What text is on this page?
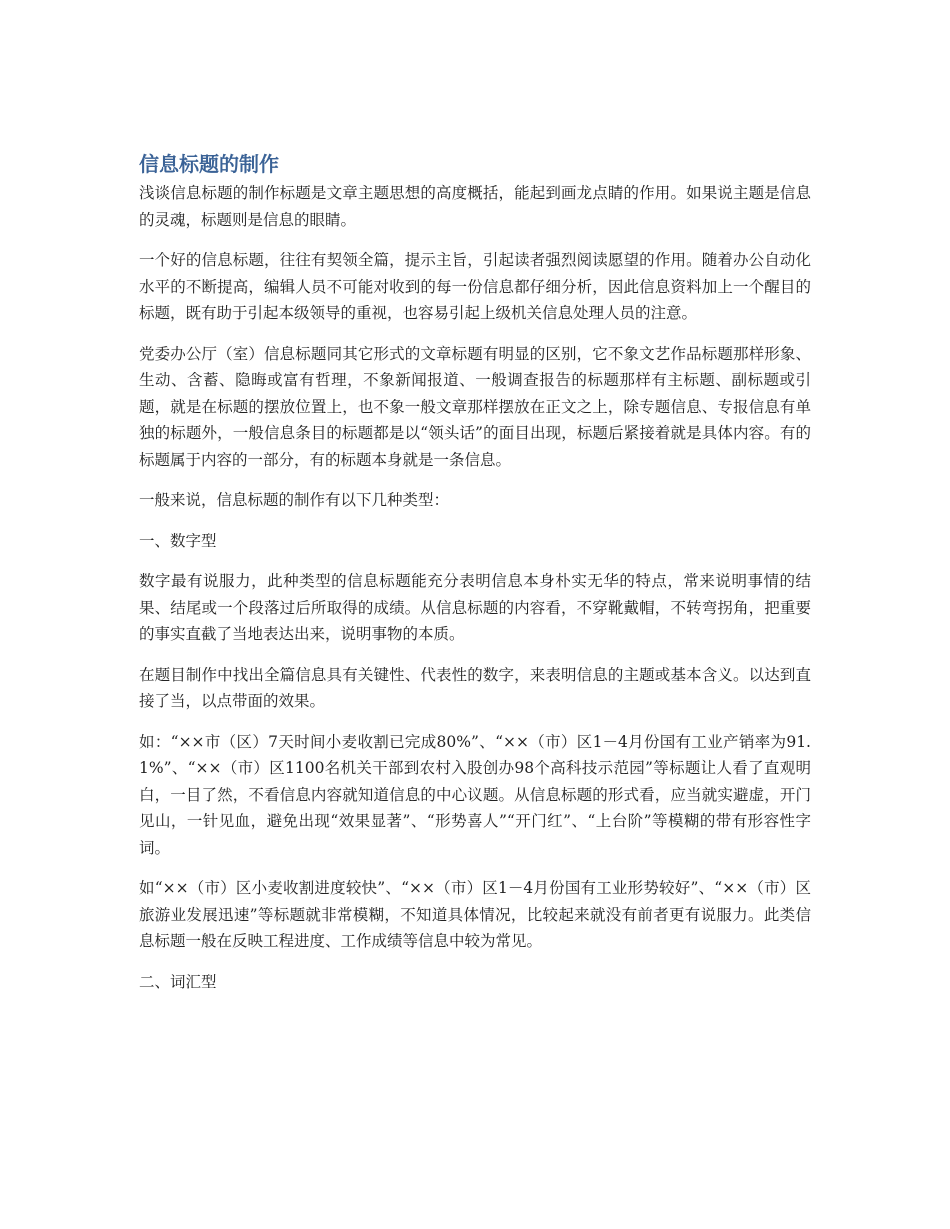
信息标题的制作

浅谈信息标题的制作标题是文章主题思想的高度概括，能起到画龙点睛的作用。如果说主题是信息的灵魂，标题则是信息的眼睛。

一个好的信息标题，往往有契领全篇，提示主旨，引起读者强烈阅读愿望的作用。随着办公自动化水平的不断提高，编辑人员不可能对收到的每一份信息都仔细分析，因此信息资料加上一个醒目的标题，既有助于引起本级领导的重视，也容易引起上级机关信息处理人员的注意。

党委办公厅（室）信息标题同其它形式的文章标题有明显的区别，它不象文艺作品标题那样形象、生动、含蓄、隐晦或富有哲理，不象新闻报道、一般调查报告的标题那样有主标题、副标题或引题，就是在标题的摆放位置上，也不象一般文章那样摆放在正文之上，除专题信息、专报信息有单独的标题外，一般信息条目的标题都是以“领头话”的面目出现，标题后紧接着就是具体内容。有的标题属于内容的一部分，有的标题本身就是一条信息。

一般来说，信息标题的制作有以下几种类型：

一、数字型

数字最有说服力，此种类型的信息标题能充分表明信息本身朴实无华的特点，常来说明事情的结果、结尾或一个段落过后所取得的成绩。从信息标题的内容看，不穿靴戴帽，不转弯拐角，把重要的事实直截了当地表达出来，说明事物的本质。

在题目制作中找出全篇信息具有关键性、代表性的数字，来表明信息的主题或基本含义。以达到直接了当，以点带面的效果。

如：“××市（区）7天时间小麦收割已完成80%”、“××（市）区1－4月份国有工业产销率为91.1%”、“××（市）区1100名机关干部到农村入股创办98个高科技示范园”等标题让人看了直观明白，一目了然，不看信息内容就知道信息的中心议题。从信息标题的形式看，应当就实避虚，开门见山，一针见血，避免出现“效果显著”、“形势喜人”“开门红”、“上台阶”等模糊的带有形容性字词。

如“××（市）区小麦收割进度较快”、“××（市）区1－4月份国有工业形势较好”、“××（市）区旅游业发展迅速”等标题就非常模糊，不知道具体情况，比较起来就没有前者更有说服力。此类信息标题一般在反映工程进度、工作成绩等信息中较为常见。

二、词汇型
